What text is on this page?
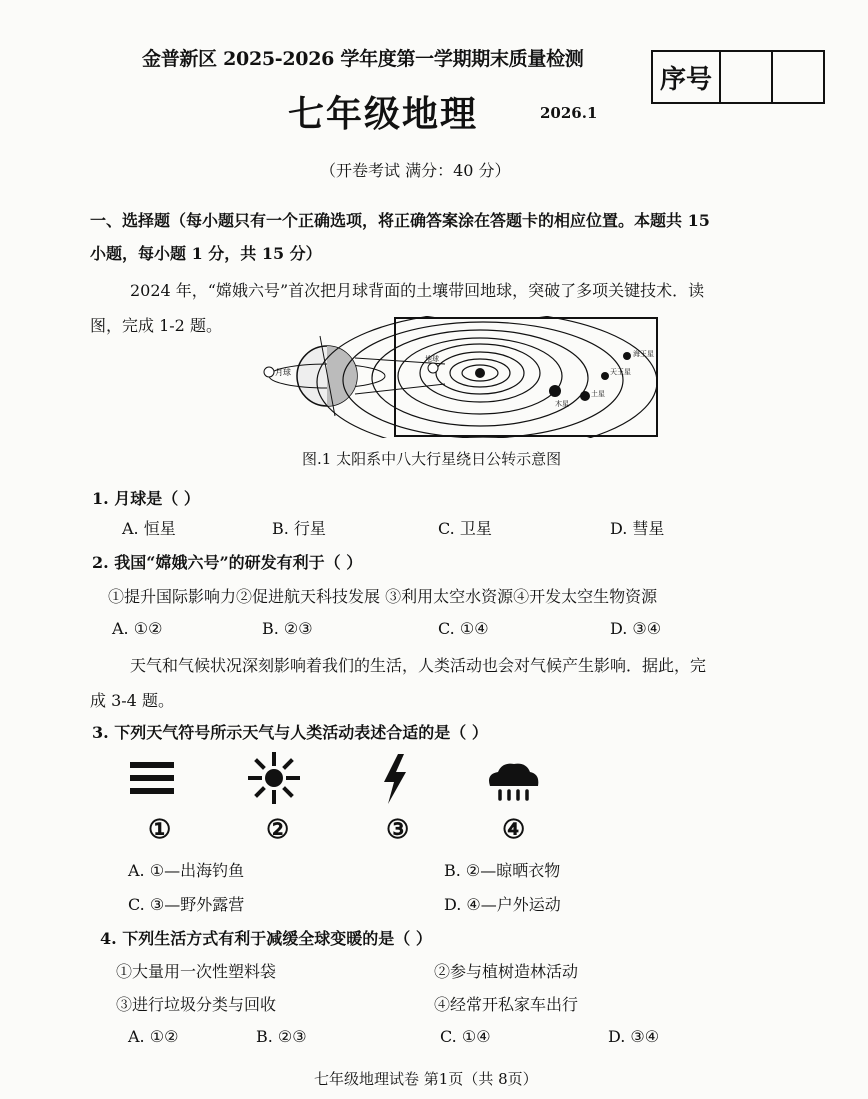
金普新区 2025-2026 学年度第一学期期末质量检测
七年级地理	2026.1
序号
（开卷考试 满分：40 分）
一、选择题（每小题只有一个正确选项，将正确答案涂在答题卡的相应位置。本题共 15
小题，每小题 1 分，共 15 分）
2024 年，“嫦娥六号”首次把月球背面的土壤带回地球，突破了多项关键技术．读
图，完成 1-2 题。
月球
海王星
天王星
土星
木星
地球
图.1 太阳系中八大行星绕日公转示意图
1. 月球是（ ）
A. 恒星	B. 行星	C. 卫星	D. 彗星
2. 我国“嫦娥六号”的研发有利于（ ）
①提升国际影响力②促进航天科技发展 ③利用太空水资源④开发太空生物资源
A. ①②	B. ②③	C. ①④	D. ③④
天气和气候状况深刻影响着我们的生活，人类活动也会对气候产生影响．据此，完
成 3-4 题。
3. 下列天气符号所示天气与人类活动表述合适的是（ ）
①	②	③	④
A. ①—出海钓鱼	B. ②—晾晒衣物
C. ③—野外露营	D. ④—户外运动
4. 下列生活方式有利于减缓全球变暖的是（ ）
①大量用一次性塑料袋	②参与植树造林活动
③进行垃圾分类与回收	④经常开私家车出行
A. ①②	B. ②③	C. ①④	D. ③④
七年级地理试卷 第1页（共 8页）
